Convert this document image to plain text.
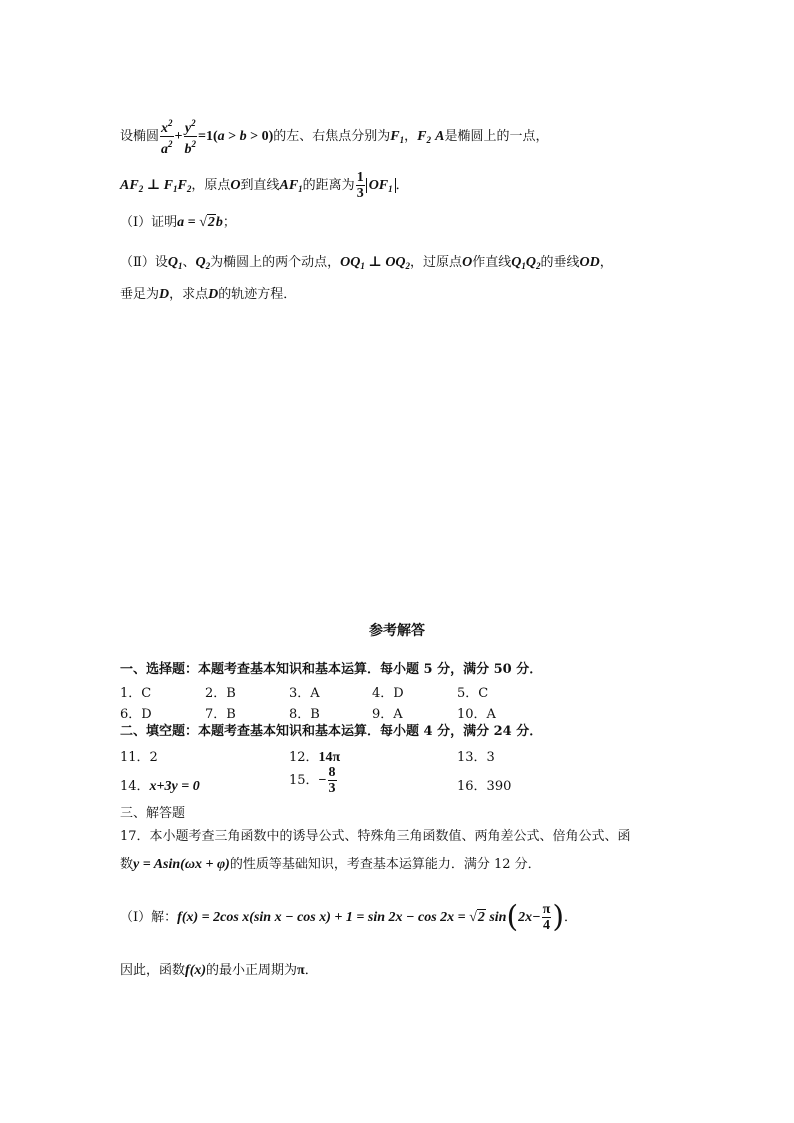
设椭圆 $\frac{x^2}{a^2} + \frac{y^2}{b^2} =1(a > b > 0)$的左、右焦点分别为$F_1$，$F_2$ A是椭圆上的一点，
$AF_2$ ⊥ $F_1F_2$，原点O到直线$AF_1$的距离为 $\frac{1}{3} OF_1$ ．
（Ⅰ）证明a = √2b；
（Ⅱ）设$Q_1$、$Q_2$为椭圆上的两个动点，$OQ_1$ ⊥ $OQ_2$，过原点O作直线$Q_1Q_2$的垂线OD，
垂足为D，求点D的轨迹方程．
参考解答
一、选择题：本题考查基本知识和基本运算．每小题 5 分，满分 50 分．
1．C	2．B	3．A	4．D	5．C
6．D	7．B	8．B	9．A	10．A
二、填空题：本题考查基本知识和基本运算．每小题 4 分，满分 24 分．
11．2	12．14π	13．3
14．x+3y = 0	15．− $\frac{8}{3}$	16．390
三、解答题
17．本小题考查三角函数中的诱导公式、特殊角三角函数值、两角差公式、倍角公式、函
数y = Asin(ωx + φ)的性质等基础知识，考查基本运算能力．满分 12 分．
（Ⅰ）解：f(x) = 2cos x(sin x − cos x) + 1 = sin 2x − cos 2x = √2 $\sin(2x- \frac{\pi}{4}$ )．
因此，函数f(x)的最小正周期为π．
